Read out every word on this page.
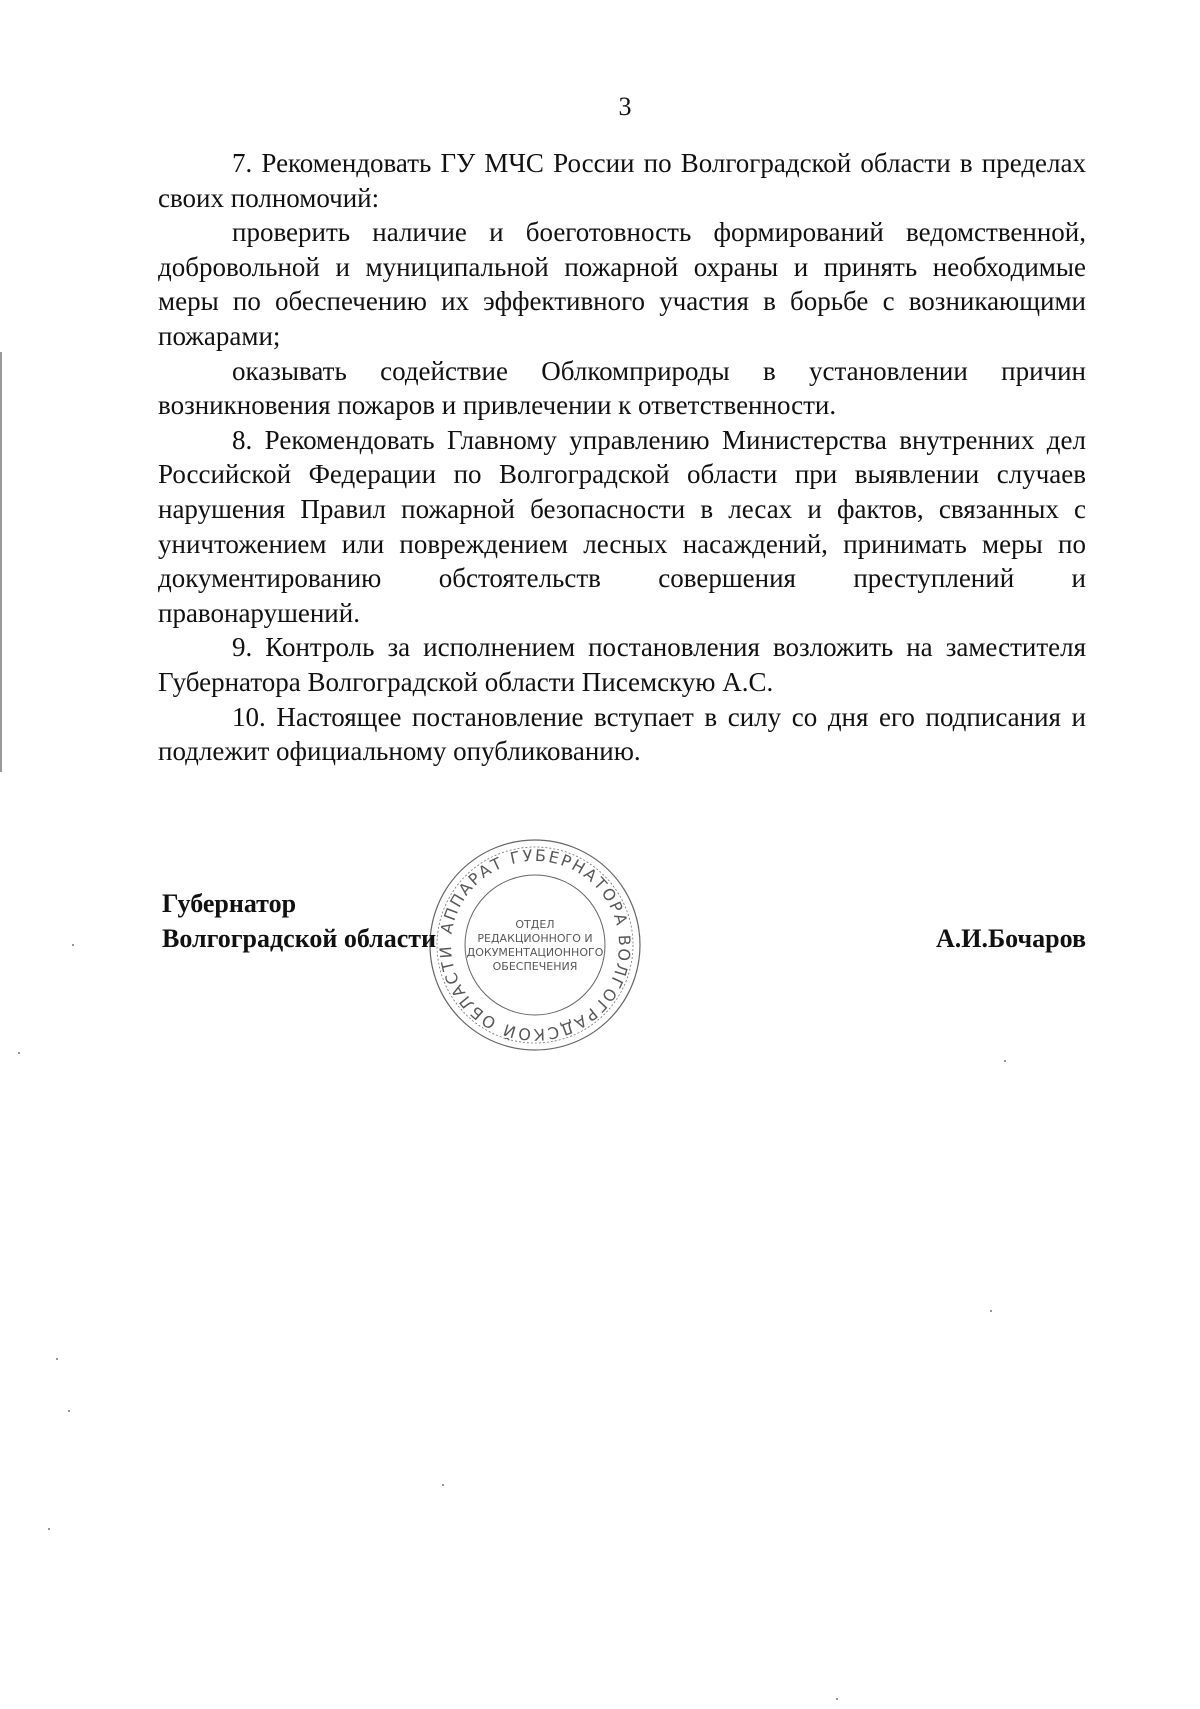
3

7. Рекомендовать ГУ МЧС России по Волгоградской области в пределах своих полномочий:

проверить наличие и боеготовность формирований ведомственной, добровольной и муниципальной пожарной охраны и принять необходимые меры по обеспечению их эффективного участия в борьбе с возникающими пожарами;

оказывать содействие Облкомприроды в установлении причин возникновения пожаров и привлечении к ответственности.

8. Рекомендовать Главному управлению Министерства внутренних дел Российской Федерации по Волгоградской области при выявлении случаев нарушения Правил пожарной безопасности в лесах и фактов, связанных с уничтожением или повреждением лесных насаждений, принимать меры по документированию обстоятельств совершения преступлений и правонарушений.

9. Контроль за исполнением постановления возложить на заместителя Губернатора Волгоградской области Писемскую А.С.

10. Настоящее постановление вступает в силу со дня его подписания и подлежит официальному опубликованию.

АППАРАТ ГУБЕРНАТОРА ВОЛГОГРАДСКОЙ ОБЛАСТИ
ОТДЕЛ
РЕДАКЦИОННОГО И
ДОКУМЕНТАЦИОННОГО
ОБЕСПЕЧЕНИЯ
Губернатор
Волгоградской области	А.И.Бочаров
